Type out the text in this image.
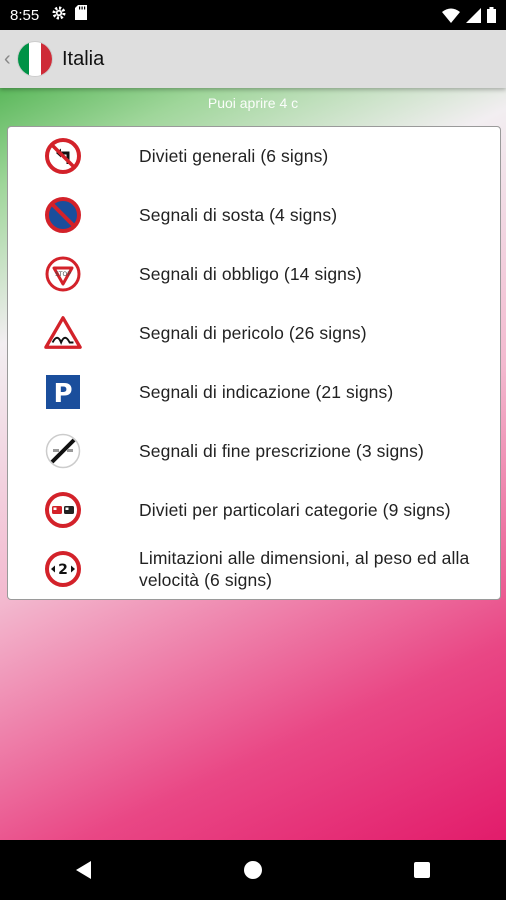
8:55
‹	Italia
Puoi aprire 4 c
Divieti generali (6 signs)
Segnali di sosta (4 signs)
STOP	Segnali di obbligo (14 signs)
Segnali di pericolo (26 signs)
P	Segnali di indicazione (21 signs)
Segnali di fine prescrizione (3 signs)
Divieti per particolari categorie (9 signs)
2
Limitazioni alle dimensioni, al peso ed alla velocità (6 signs)
